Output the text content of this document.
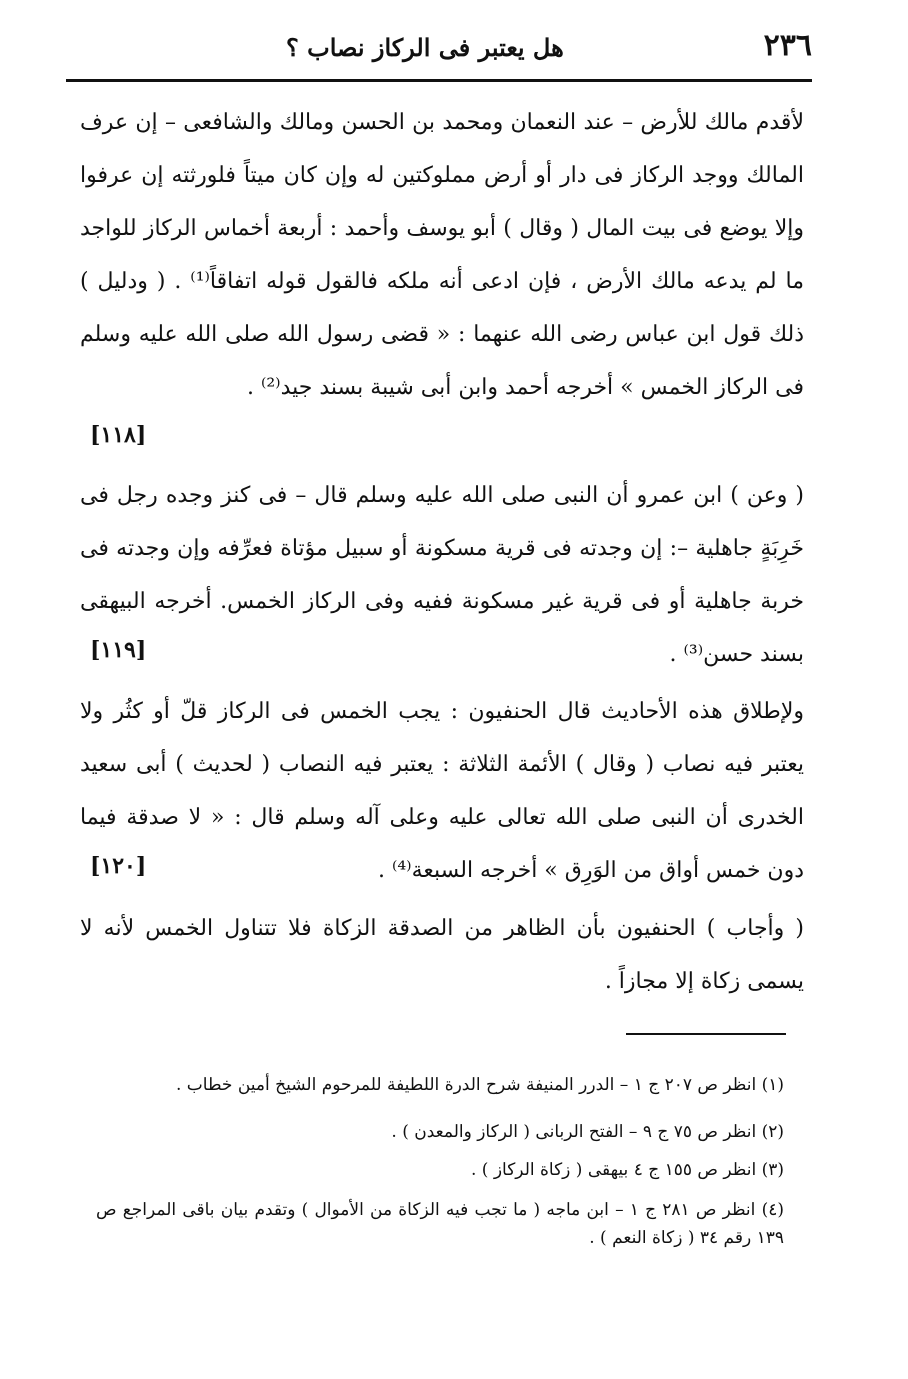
٢٣٦
هل يعتبر فى الركاز نصاب ؟

لأقدم مالك للأرض – عند النعمان ومحمد بن الحسن ومالك والشافعى – إن عرف المالك ووجد الركاز فى دار أو أرض مملوكتين له وإن كان ميتاً فلورثته إن عرفوا وإلا يوضع فى بيت المال ( وقال ) أبو يوسف وأحمد : أربعة أخماس الركاز للواجد ما لم يدعه مالك الأرض ، فإن ادعى أنه ملكه فالقول قوله اتفاقاً⁽¹⁾ . ( ودليل ) ذلك قول ابن عباس رضى الله عنهما : « قضى رسول الله صلى الله عليه وسلم فى الركاز الخمس » أخرجه أحمد وابن أبى شيبة بسند جيد⁽²⁾ .

[١١٨]

( وعن ) ابن عمرو أن النبى صلى الله عليه وسلم قال – فى كنز وجده رجل فى خَرِبَةٍ جاهلية –: إن وجدته فى قرية مسكونة أو سبيل مؤتاة فعرِّفه وإن وجدته فى خربة جاهلية أو فى قرية غير مسكونة ففيه وفى الركاز الخمس. أخرجه البيهقى بسند حسن⁽³⁾ .

[١١٩]

ولإطلاق هذه الأحاديث قال الحنفيون : يجب الخمس فى الركاز قلّ أو كثُر ولا يعتبر فيه نصاب ( وقال ) الأئمة الثلاثة : يعتبر فيه النصاب ( لحديث ) أبى سعيد الخدرى أن النبى صلى الله تعالى عليه وعلى آله وسلم قال : « لا صدقة فيما دون خمس أواق من الوَرِق » أخرجه السبعة⁽⁴⁾ .

[١٢٠]

( وأجاب ) الحنفيون بأن الظاهر من الصدقة الزكاة فلا تتناول الخمس لأنه لا يسمى زكاة إلا مجازاً .

(١) انظر ص ٢٠٧ ج ١ – الدرر المنيفة شرح الدرة اللطيفة للمرحوم الشيخ أمين خطاب .

(٢) انظر ص ٧٥ ج ٩ – الفتح الربانى ( الركاز والمعدن ) .

(٣) انظر ص ١٥٥ ج ٤ بيهقى ( زكاة الركاز ) .

(٤) انظر ص ٢٨١ ج ١ – ابن ماجه ( ما تجب فيه الزكاة من الأموال ) وتقدم بيان باقى المراجع ص ١٣٩ رقم ٣٤ ( زكاة النعم ) .
